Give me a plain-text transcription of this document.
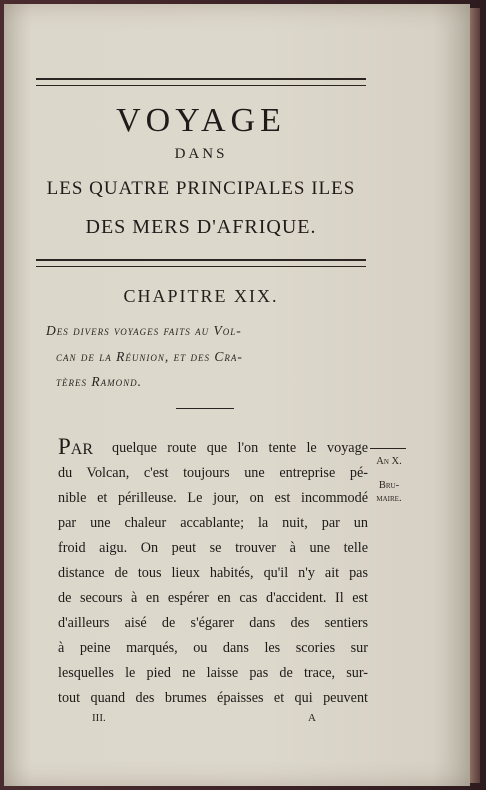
VOYAGE
DANS
LES QUATRE PRINCIPALES ILES
DES MERS D'AFRIQUE.
CHAPITRE XIX.
Des divers voyages faits au Vol-
can de la Réunion, et des Cra-
tères Ramond.
Par quelque route que l'on tente le voyage
du Volcan, c'est toujours une entreprise pé-
nible et périlleuse. Le jour, on est incommodé
par une chaleur accablante; la nuit, par un
froid aigu. On peut se trouver à une telle
distance de tous lieux habités, qu'il n'y ait pas
de secours à en espérer en cas d'accident. Il est
d'ailleurs aisé de s'égarer dans des sentiers
à peine marqués, ou dans les scories sur
lesquelles le pied ne laisse pas de trace, sur-
tout quand des brumes épaisses et qui peuvent
An X.
Bru-
maire.
III.	A
